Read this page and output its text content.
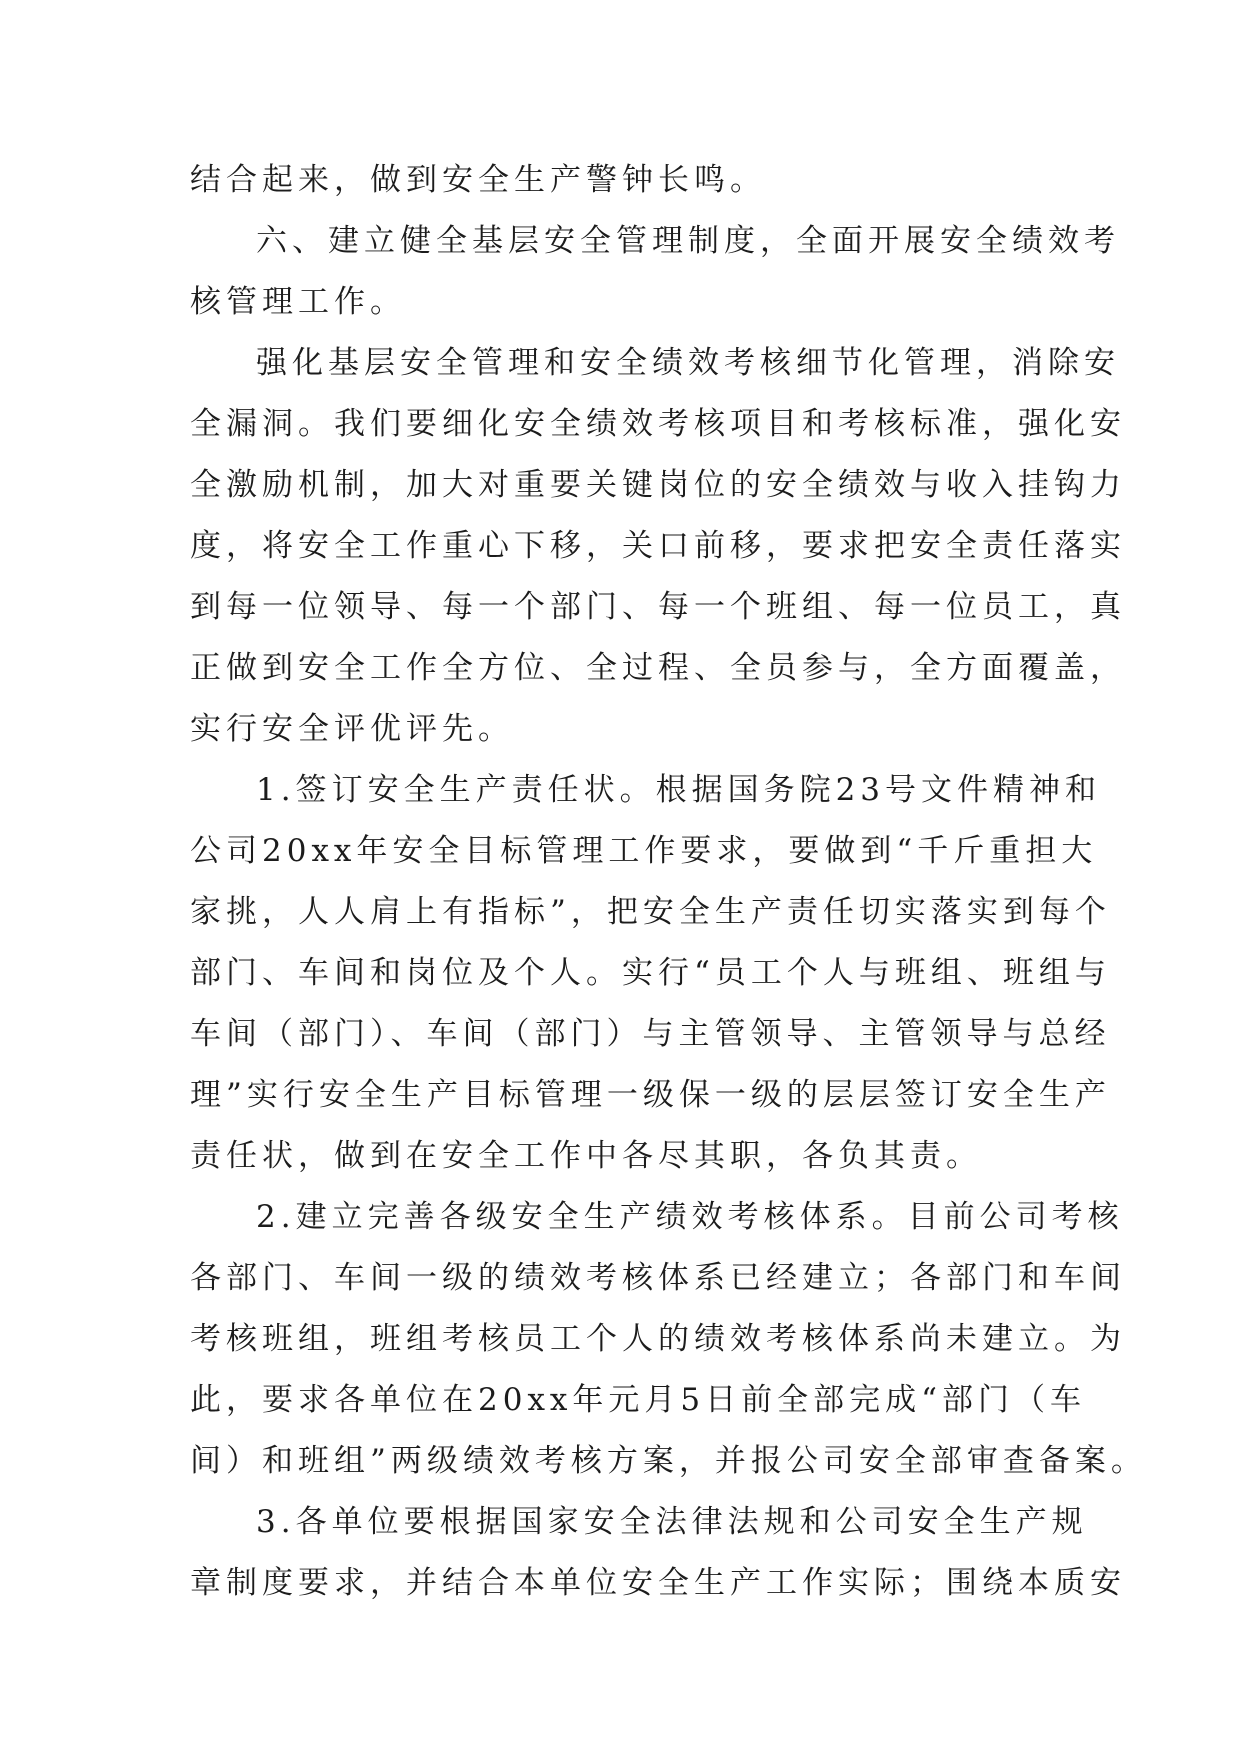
结合起来，做到安全生产警钟长鸣。

六、建立健全基层安全管理制度，全面开展安全绩效考

核管理工作。

强化基层安全管理和安全绩效考核细节化管理，消除安

全漏洞。我们要细化安全绩效考核项目和考核标准，强化安

全激励机制，加大对重要关键岗位的安全绩效与收入挂钩力

度，将安全工作重心下移，关口前移，要求把安全责任落实

到每一位领导、每一个部门、每一个班组、每一位员工，真

正做到安全工作全方位、全过程、全员参与，全方面覆盖，

实行安全评优评先。

1.签订安全生产责任状。根据国务院23号文件精神和

公司20xx年安全目标管理工作要求，要做到“千斤重担大

家挑，人人肩上有指标”，把安全生产责任切实落实到每个

部门、车间和岗位及个人。实行“员工个人与班组、班组与

车间（部门）、车间（部门）与主管领导、主管领导与总经

理”实行安全生产目标管理一级保一级的层层签订安全生产

责任状，做到在安全工作中各尽其职，各负其责。

2.建立完善各级安全生产绩效考核体系。目前公司考核

各部门、车间一级的绩效考核体系已经建立；各部门和车间

考核班组，班组考核员工个人的绩效考核体系尚未建立。为

此，要求各单位在20xx年元月5日前全部完成“部门（车

间）和班组”两级绩效考核方案，并报公司安全部审查备案。

3.各单位要根据国家安全法律法规和公司安全生产规

章制度要求，并结合本单位安全生产工作实际；围绕本质安
